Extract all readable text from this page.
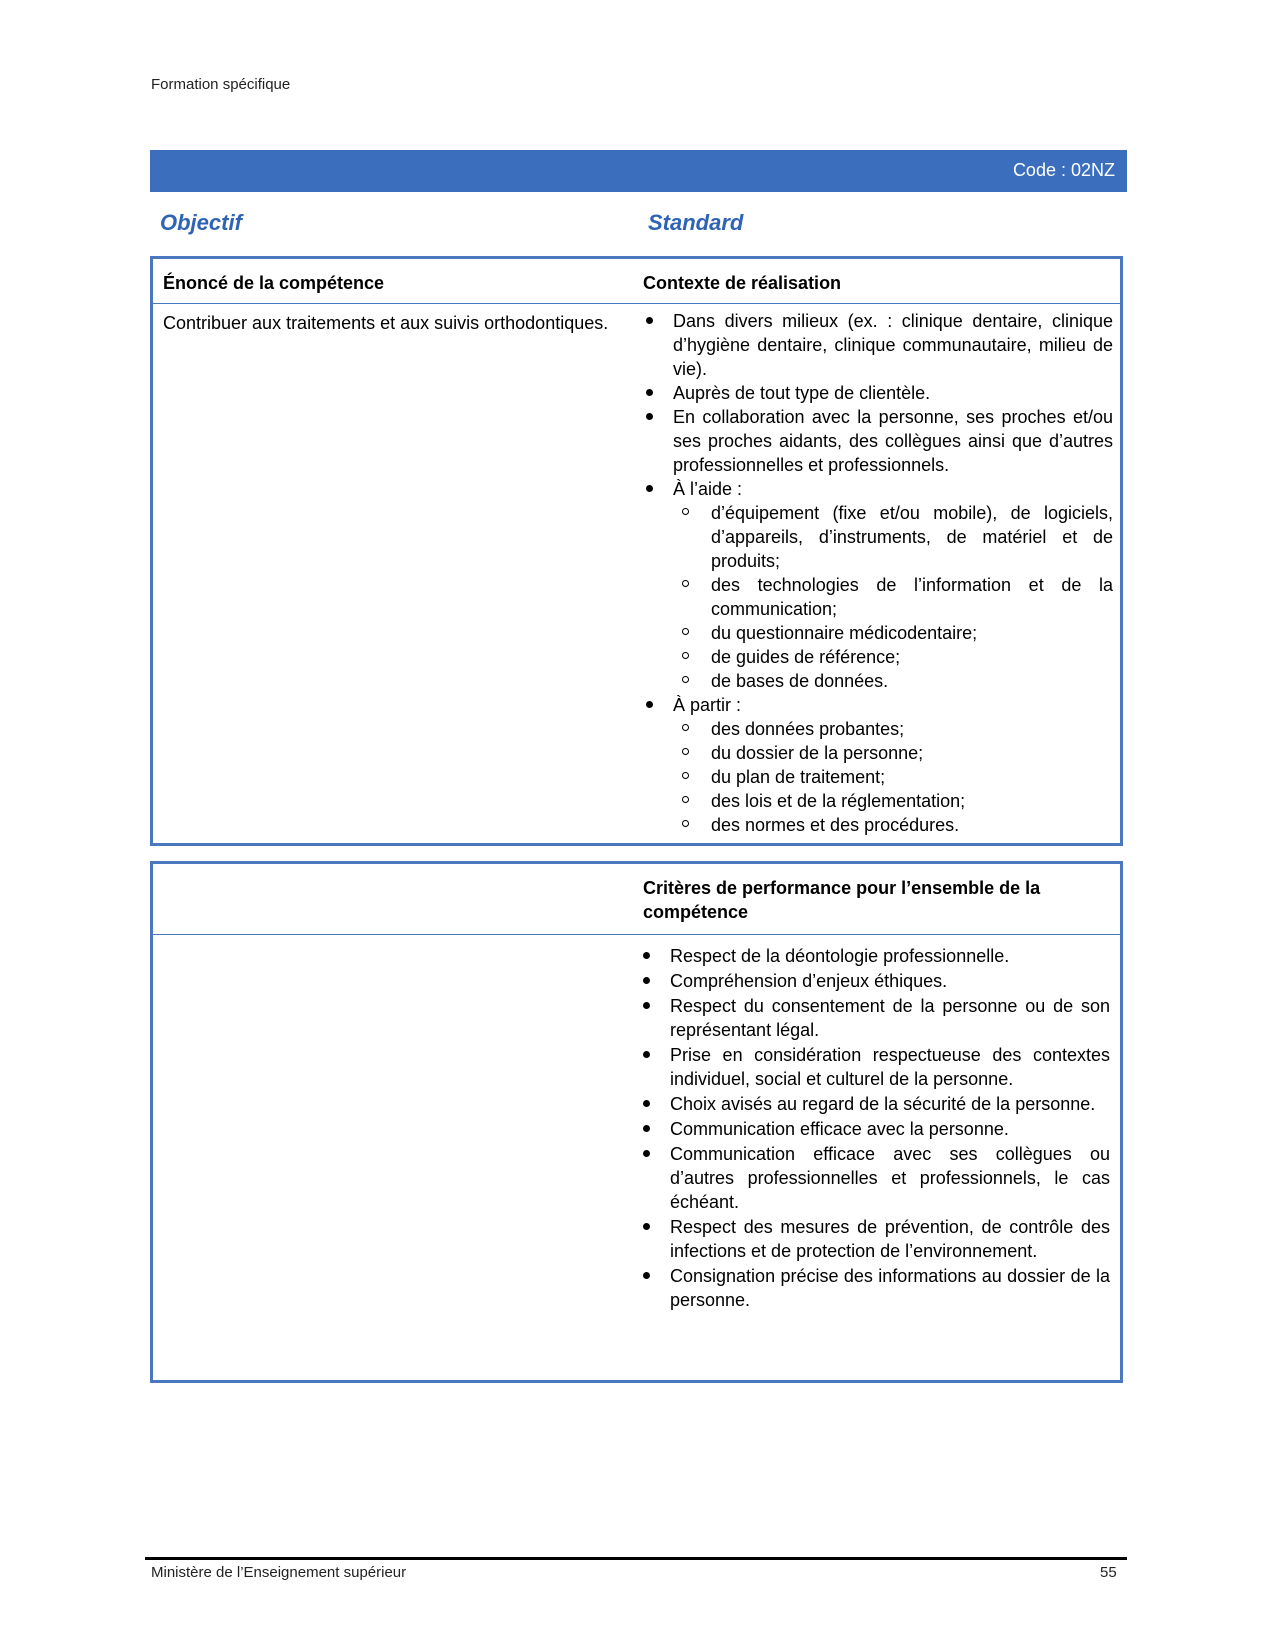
Formation spécifique
Code : 02NZ
Objectif	Standard
Énoncé de la compétence	Contexte de réalisation
Contribuer aux traitements et aux suivis orthodontiques.	Dans divers milieux (ex. : clinique dentaire, clinique d’hygiène dentaire, clinique communautaire, milieu de vie).
Auprès de tout type de clientèle.
En collaboration avec la personne, ses proches et/ou ses proches aidants, des collègues ainsi que d’autres professionnelles et professionnels.
À l’aide :
d’équipement (fixe et/ou mobile), de logiciels, d’appareils, d’instruments, de matériel et de produits;
des technologies de l’information et de la communication;
du questionnaire médicodentaire;
de guides de référence;
de bases de données.
À partir :
des données probantes;
du dossier de la personne;
du plan de traitement;
des lois et de la réglementation;
des normes et des procédures.
Critères de performance pour l’ensemble de la compétence
Respect de la déontologie professionnelle.
Compréhension d’enjeux éthiques.
Respect du consentement de la personne ou de son représentant légal.
Prise en considération respectueuse des contextes individuel, social et culturel de la personne.
Choix avisés au regard de la sécurité de la personne.
Communication efficace avec la personne.
Communication efficace avec ses collègues ou d’autres professionnelles et professionnels, le cas échéant.
Respect des mesures de prévention, de contrôle des infections et de protection de l’environnement.
Consignation précise des informations au dossier de la personne.
Ministère de l’Enseignement supérieur	55
